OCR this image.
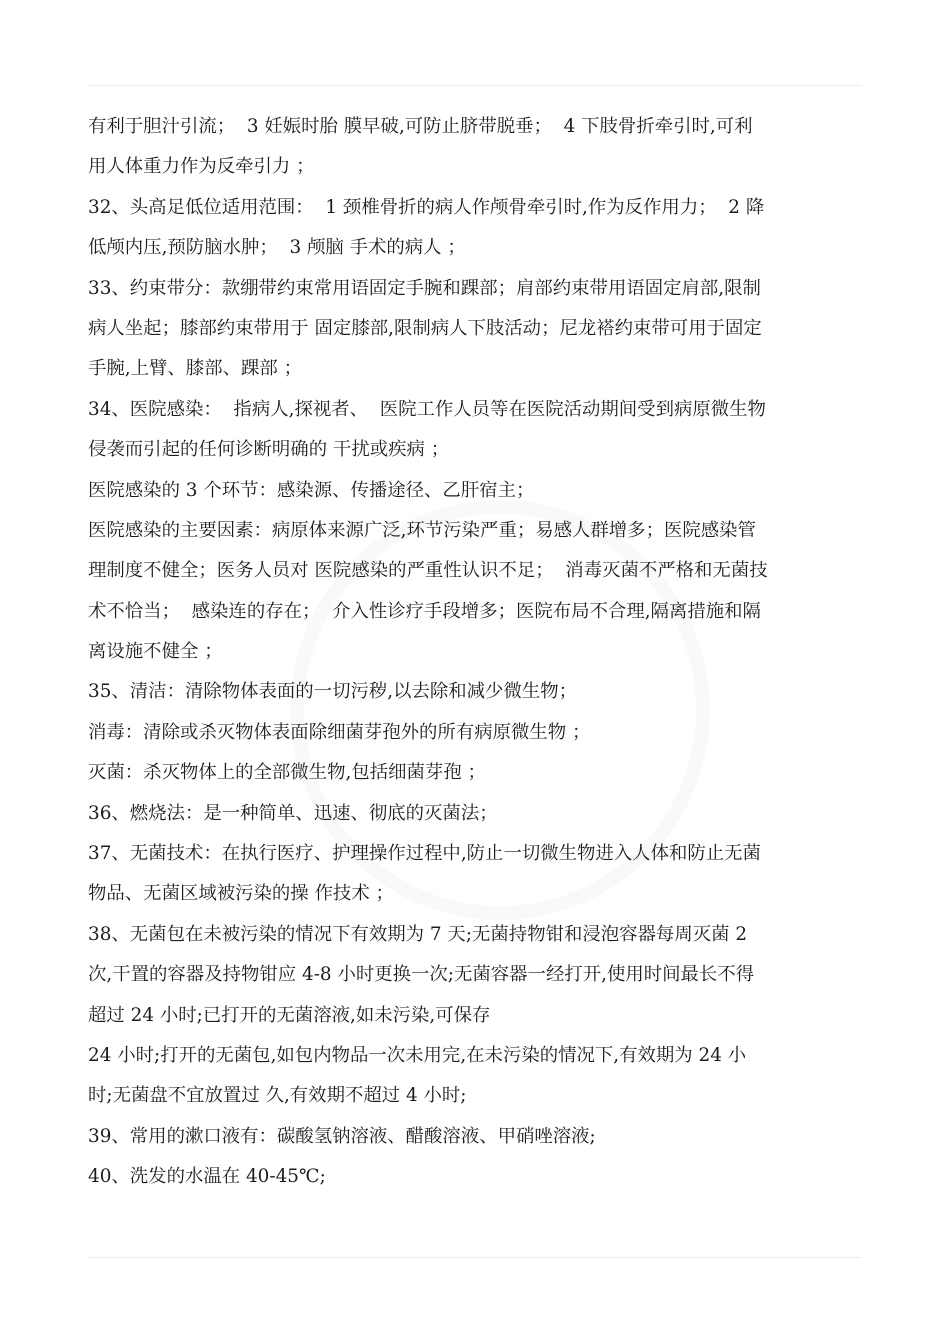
有利于胆汁引流；  3 妊娠时胎 膜早破,可防止脐带脱垂；  4 下肢骨折牵引时,可利
用人体重力作为反牵引力 ；
32、头高足低位适用范围：  1 颈椎骨折的病人作颅骨牵引时,作为反作用力；  2 降
低颅内压,预防脑水肿；  3 颅脑 手术的病人 ；
33、约束带分：款绷带约束常用语固定手腕和踝部；肩部约束带用语固定肩部,限制
病人坐起；膝部约束带用于 固定膝部,限制病人下肢活动；尼龙褡约束带可用于固定
手腕,上臂、膝部、踝部 ；
34、医院感染：  指病人,探视者、  医院工作人员等在医院活动期间受到病原微生物
侵袭而引起的任何诊断明确的 干扰或疾病 ；
医院感染的 3 个环节：感染源、传播途径、乙肝宿主；
医院感染的主要因素：病原体来源广泛,环节污染严重；易感人群增多；医院感染管
理制度不健全；医务人员对 医院感染的严重性认识不足；  消毒灭菌不严格和无菌技
术不恰当；  感染连的存在；  介入性诊疗手段增多；医院布局不合理,隔离措施和隔
离设施不健全 ；
35、清洁：清除物体表面的一切污秽,以去除和减少微生物；
消毒：清除或杀灭物体表面除细菌芽孢外的所有病原微生物 ；
灭菌：杀灭物体上的全部微生物,包括细菌芽孢 ；
36、燃烧法：是一种简单、迅速、彻底的灭菌法；
37、无菌技术：在执行医疗、护理操作过程中,防止一切微生物进入人体和防止无菌
物品、无菌区域被污染的操 作技术 ；
38、无菌包在未被污染的情况下有效期为 7 天;无菌持物钳和浸泡容器每周灭菌 2
次,干置的容器及持物钳应 4-8 小时更换一次;无菌容器一经打开,使用时间最长不得
超过 24 小时;已打开的无菌溶液,如未污染,可保存
24 小时;打开的无菌包,如包内物品一次未用完,在未污染的情况下,有效期为 24 小
时;无菌盘不宜放置过 久,有效期不超过 4 小时;
39、常用的漱口液有：碳酸氢钠溶液、醋酸溶液、甲硝唑溶液;
40、洗发的水温在 40-45℃;
